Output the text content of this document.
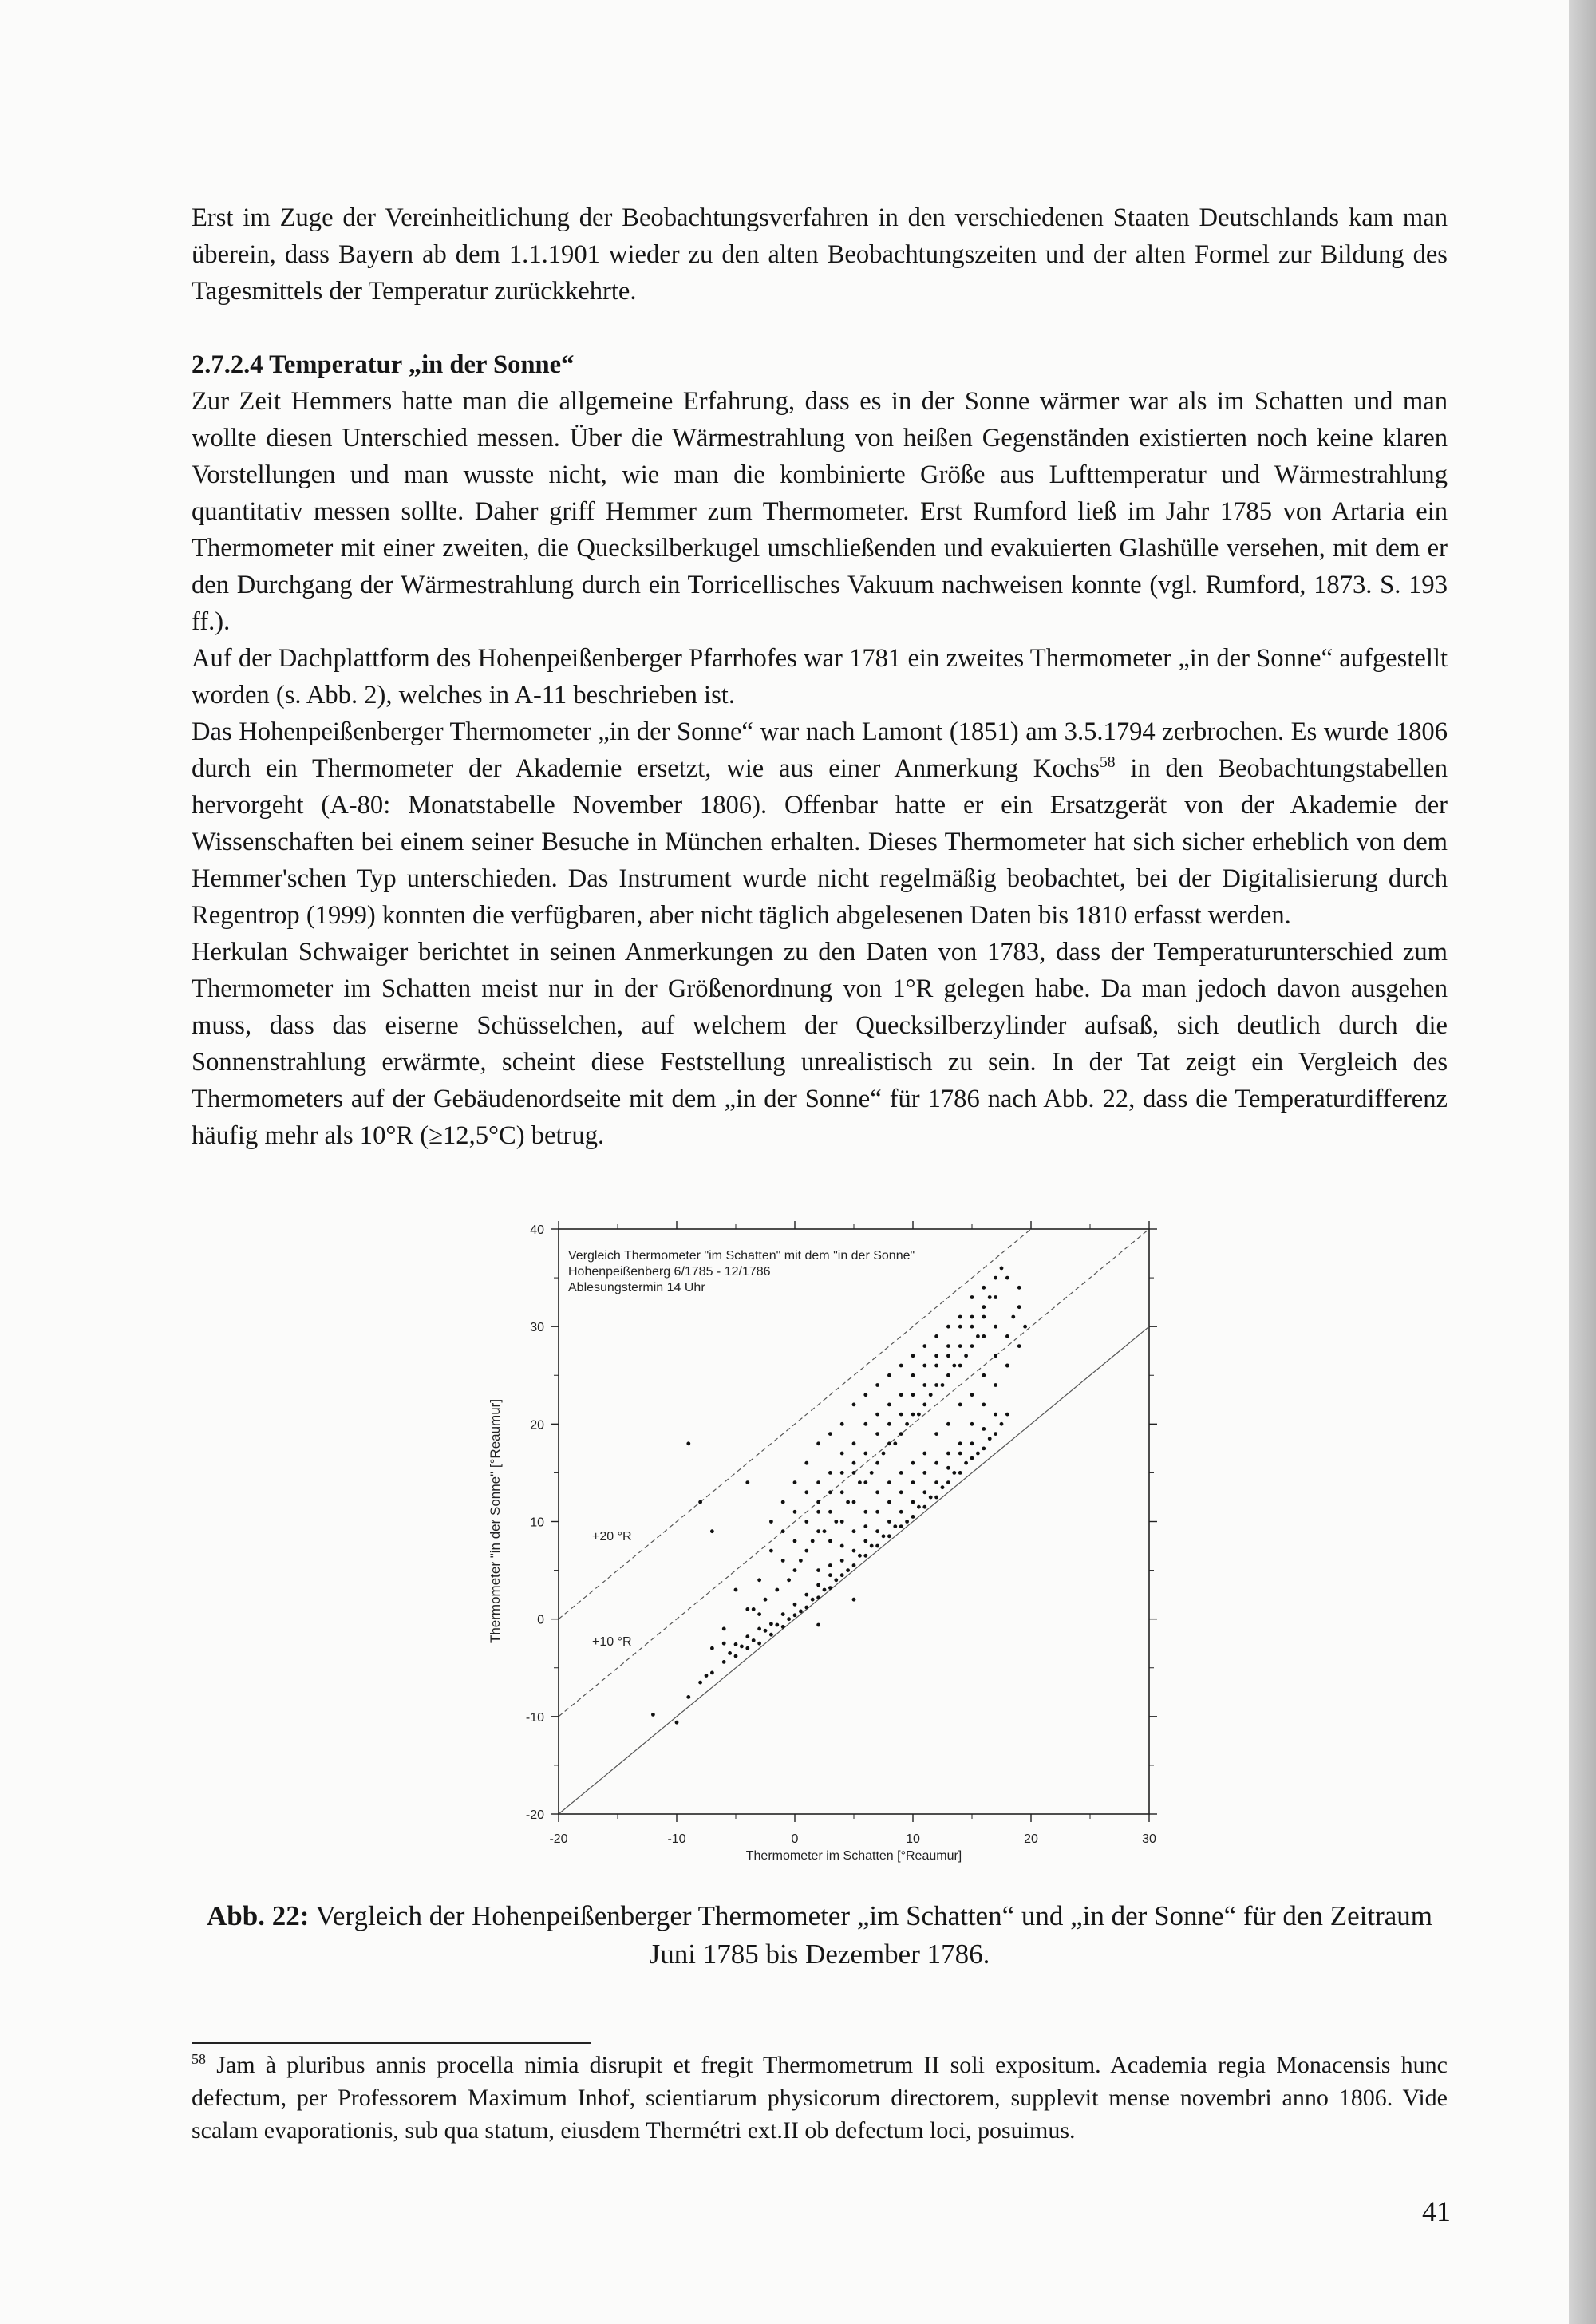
Erst im Zuge der Vereinheitlichung der Beobachtungsverfahren in den verschiedenen Staaten Deutschlands kam man überein, dass Bayern ab dem 1.1.1901 wieder zu den alten Beobachtungszeiten und der alten Formel zur Bildung des Tagesmittels der Temperatur zurückkehrte.

2.7.2.4 Temperatur „in der Sonne“

Zur Zeit Hemmers hatte man die allgemeine Erfahrung, dass es in der Sonne wärmer war als im Schatten und man wollte diesen Unterschied messen. Über die Wärmestrahlung von heißen Gegenständen existierten noch keine klaren Vorstellungen und man wusste nicht, wie man die kombinierte Größe aus Lufttemperatur und Wärmestrahlung quantitativ messen sollte. Daher griff Hemmer zum Thermometer. Erst Rumford ließ im Jahr 1785 von Artaria ein Thermometer mit einer zweiten, die Quecksilberkugel umschließenden und evakuierten Glashülle versehen, mit dem er den Durchgang der Wärmestrahlung durch ein Torricellisches Vakuum nachweisen konnte (vgl. Rumford, 1873. S. 193 ff.).

Auf der Dachplattform des Hohenpeißenberger Pfarrhofes war 1781 ein zweites Thermometer „in der Sonne“ aufgestellt worden (s. Abb. 2), welches in A-11 beschrieben ist.

Das Hohenpeißenberger Thermometer „in der Sonne“ war nach Lamont (1851) am 3.5.1794 zerbrochen. Es wurde 1806 durch ein Thermometer der Akademie ersetzt, wie aus einer Anmerkung Kochs$^{58}$ in den Beobachtungstabellen hervorgeht (A-80: Monatstabelle November 1806). Offenbar hatte er ein Ersatzgerät von der Akademie der Wissenschaften bei einem seiner Besuche in München erhalten. Dieses Thermometer hat sich sicher erheblich von dem Hemmer'schen Typ unterschieden. Das Instrument wurde nicht regelmäßig beobachtet, bei der Digitalisierung durch Regentrop (1999) konnten die verfügbaren, aber nicht täglich abgelesenen Daten bis 1810 erfasst werden.

Herkulan Schwaiger berichtet in seinen Anmerkungen zu den Daten von 1783, dass der Temperaturunterschied zum Thermometer im Schatten meist nur in der Größenordnung von 1°R gelegen habe. Da man jedoch davon ausgehen muss, dass das eiserne Schüsselchen, auf welchem der Quecksilberzylinder aufsaß, sich deutlich durch die Sonnenstrahlung erwärmte, scheint diese Feststellung unrealistisch zu sein. In der Tat zeigt ein Vergleich des Thermometers auf der Gebäudenordseite mit dem „in der Sonne“ für 1786 nach Abb. 22, dass die Temperaturdifferenz häufig mehr als 10°R (≥12,5°C) betrug.

-20	-10	0	10	20	30
-20
-10
0
10
20
30
40
Vergleich Thermometer "im Schatten" mit dem "in der Sonne"
Hohenpeißenberg 6/1785 - 12/1786
Ablesungstermin 14 Uhr
Thermometer im Schatten [°Reaumur]
Thermometer "in der Sonne" [°Reaumur]	+10 °R
+20 °R
Abb. 22: Vergleich der Hohenpeißenberger Thermometer „im Schatten“ und „in der Sonne“ für den Zeitraum Juni 1785 bis Dezember 1786.
$^{58}$ Jam à pluribus annis procella nimia disrupit et fregit Thermometrum II soli expositum. Academia regia Monacensis hunc defectum, per Professorem Maximum Inhof, scientiarum physicorum directorem, supplevit mense novembri anno 1806. Vide scalam evaporationis, sub qua statum, eiusdem Thermétri ext.II ob defectum loci, posuimus.
41
